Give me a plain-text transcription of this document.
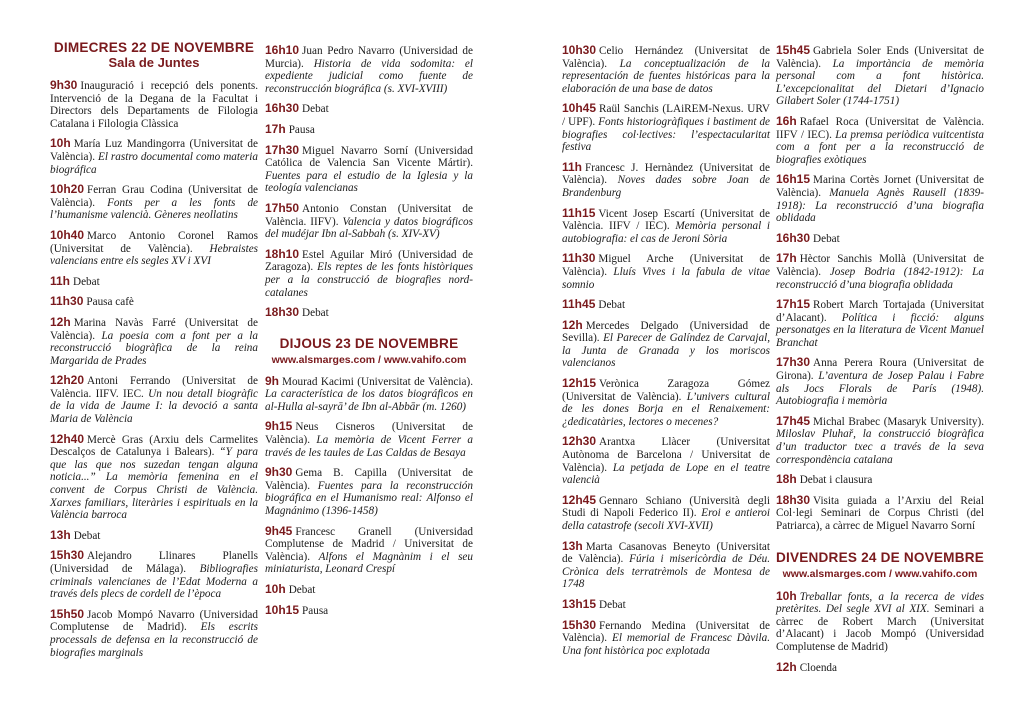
DIMECRES 22 DE NOVEMBRE
Sala de Juntes

9h30 Inauguració i recepció dels ponents. Intervenció de la Degana de la Facultat i Directors dels Departaments de Filologia Catalana i Filologia Clàssica

10h María Luz Mandingorra (Universitat de València). El rastro documental como materia biográfica

10h20 Ferran Grau Codina (Universitat de València). Fonts per a les fonts de l’humanisme valencià. Gèneres neollatins

10h40 Marco Antonio Coronel Ramos (Universitat de València). Hebraistes valencians entre els segles XV i XVI

11h Debat

11h30 Pausa cafè

12h Marina Navàs Farré (Universitat de València). La poesia com a font per a la reconstrucció biogràfica de la reina Margarida de Prades

12h20 Antoni Ferrando (Universitat de València. IIFV. IEC. Un nou detall biogràfic de la vida de Jaume I: la devoció a santa Maria de València

12h40 Mercè Gras (Arxiu dels Carmelites Descalços de Catalunya i Balears). “Y para que las que nos suzedan tengan alguna noticia...” La memòria femenina en el convent de Corpus Christi de València. Xarxes familiars, literàries i espirituals en la València barroca

13h Debat

15h30 Alejandro Llinares Planells (Universidad de Málaga). Bibliografies criminals valencianes de l’Edat Moderna a través dels plecs de cordell de l’època

15h50 Jacob Mompó Navarro (Universidad Complutense de Madrid). Els escrits processals de defensa en la reconstrucció de biografies marginals

16h10 Juan Pedro Navarro (Universidad de Murcia). Historia de vida sodomita: el expediente judicial como fuente de reconstrucción biográfica (s. XVI-XVIII)

16h30 Debat

17h Pausa

17h30 Miguel Navarro Sorní (Universidad Católica de Valencia San Vicente Mártir). Fuentes para el estudio de la Iglesia y la teología valencianas

17h50 Antonio Constan (Universitat de València. IIFV). Valencia y datos biográficos del mudéjar Ibn al-Sabbah (s. XIV-XV)

18h10 Estel Aguilar Miró (Universidad de Zaragoza). Els reptes de les fonts històriques per a la construcció de biografies nord-catalanes

18h30 Debat

DIJOUS 23 DE NOVEMBRE
www.alsmarges.com / www.vahifo.com

9h Mourad Kacimi (Universitat de València). La característica de los datos biográficos en al-Hulla al-sayrā’ de Ibn al-Abbār (m. 1260)

9h15 Neus Cisneros (Universitat de València). La memòria de Vicent Ferrer a través de les taules de Las Caldas de Besaya

9h30 Gema B. Capilla (Universitat de València). Fuentes para la reconstrucción biográfica en el Humanismo real: Alfonso el Magnánimo (1396-1458)

9h45 Francesc Granell (Universidad Complutense de Madrid / Universitat de València). Alfons el Magnànim i el seu miniaturista, Leonard Crespí

10h Debat

10h15 Pausa

10h30 Celio Hernández (Universitat de València). La conceptualización de la representación de fuentes históricas para la elaboración de una base de datos

10h45 Raül Sanchis (LAiREM-Nexus. URV / UPF). Fonts historiogràfiques i bastiment de biografies col·lectives: l’espectacularitat festiva

11h Francesc J. Hernàndez (Universitat de València). Noves dades sobre Joan de Brandenburg

11h15 Vicent Josep Escartí (Universitat de València. IIFV / IEC). Memòria personal i autobiografia: el cas de Jeroni Sòria

11h30 Miguel Arche (Universitat de València). Lluís Vives i la fabula de vitae somnio

11h45 Debat

12h Mercedes Delgado (Universidad de Sevilla). El Parecer de Galíndez de Carvajal, la Junta de Granada y los moriscos valencianos

12h15 Verònica Zaragoza Gómez (Universitat de València). L’univers cultural de les dones Borja en el Renaixement: ¿dedicatàries, lectores o mecenes?

12h30 Arantxa Llàcer (Universitat Autònoma de Barcelona / Universitat de València). La petjada de Lope en el teatre valencià

12h45 Gennaro Schiano (Università degli Studi di Napoli Federico II). Eroi e antieroi della catastrofe (secoli XVI-XVII)

13h Marta Casanovas Beneyto (Universitat de València). Fúria i misericòrdia de Déu. Crònica dels terratrèmols de Montesa de 1748

13h15 Debat

15h30 Fernando Medina (Universitat de València). El memorial de Francesc Dàvila. Una font històrica poc explotada

15h45 Gabriela Soler Ends (Universitat de València). La importància de memòria personal com a font històrica. L’excepcionalitat del Dietari d’Ignacio Gilabert Soler (1744-1751)

16h Rafael Roca (Universitat de València. IIFV / IEC). La premsa periòdica vuitcentista com a font per a la reconstrucció de biografies exòtiques

16h15 Marina Cortès Jornet (Universitat de València). Manuela Agnès Rausell (1839-1918): La reconstrucció d’una biografia oblidada

16h30 Debat

17h Hèctor Sanchis Mollà (Universitat de València). Josep Bodria (1842-1912): La reconstrucció d’una biografia oblidada

17h15 Robert March Tortajada (Universitat d’Alacant). Política i ficció: alguns personatges en la literatura de Vicent Manuel Branchat

17h30 Anna Perera Roura (Universitat de Girona). L’aventura de Josep Palau i Fabre als Jocs Florals de París (1948). Autobiografia i memòria

17h45 Michal Brabec (Masaryk University). Miloslav Pluhař, la construcció biogràfica d’un traductor txec a través de la seva correspondència catalana

18h Debat i clausura

18h30 Visita guiada a l’Arxiu del Reial Col·legi Seminari de Corpus Christi (del Patriarca), a càrrec de Miguel Navarro Sorní

DIVENDRES 24 DE NOVEMBRE
www.alsmarges.com / www.vahifo.com

10h Treballar fonts, a la recerca de vides pretèrites. Del segle XVI al XIX. Seminari a càrrec de Robert March (Universitat d’Alacant) i Jacob Mompó (Universidad Complutense de Madrid)

12h Cloenda
